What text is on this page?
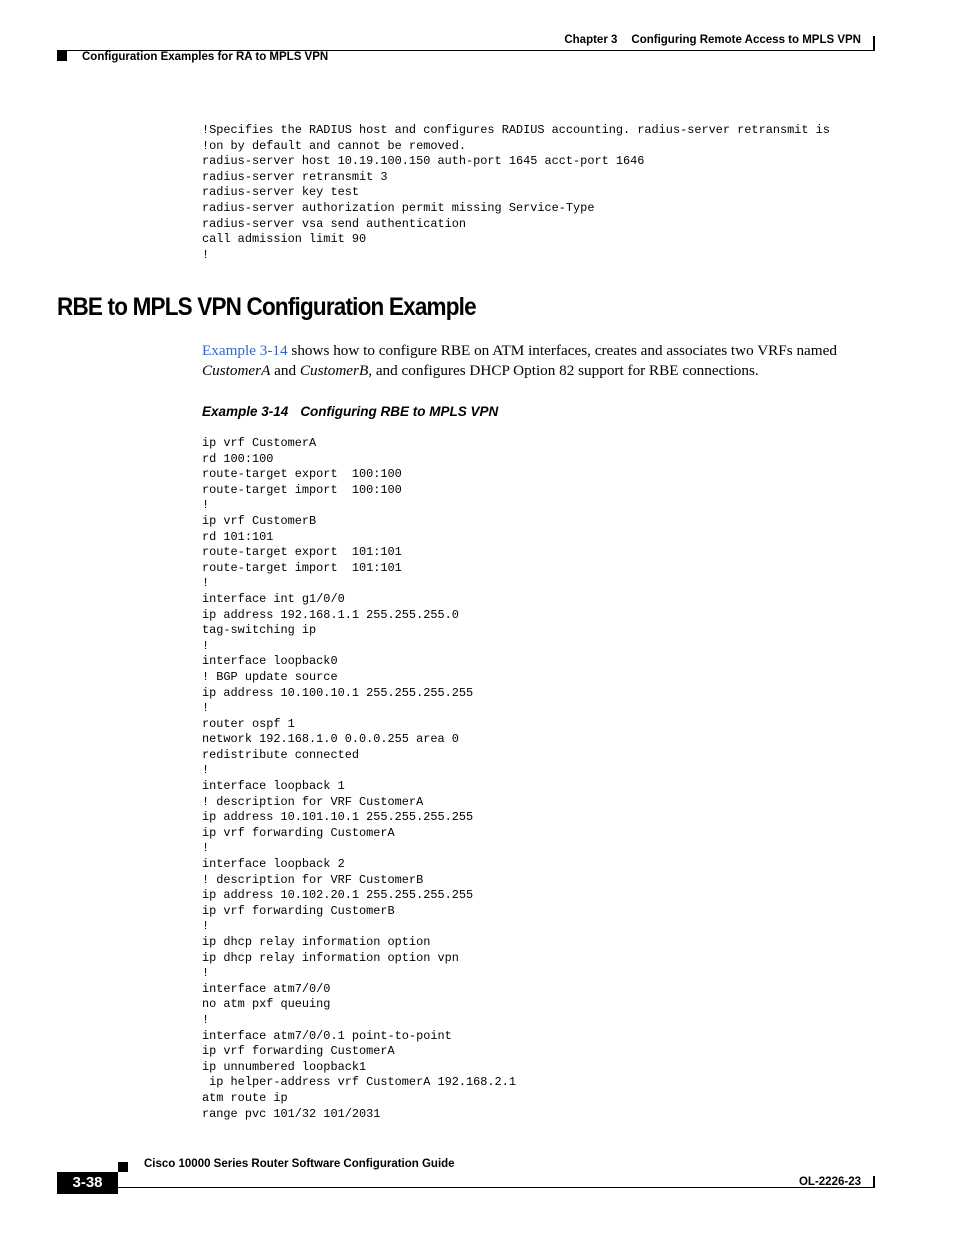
Chapter 3 Configuring Remote Access to MPLS VPN
Configuration Examples for RA to MPLS VPN
!Specifies the RADIUS host and configures RADIUS accounting. radius-server retransmit is
!on by default and cannot be removed.
radius-server host 10.19.100.150 auth-port 1645 acct-port 1646
radius-server retransmit 3
radius-server key test
radius-server authorization permit missing Service-Type
radius-server vsa send authentication
call admission limit 90
!
RBE to MPLS VPN Configuration Example

Example 3-14 shows how to configure RBE on ATM interfaces, creates and associates two VRFs named CustomerA and CustomerB, and configures DHCP Option 82 support for RBE connections.

Example 3-14 Configuring RBE to MPLS VPN
ip vrf CustomerA
rd 100:100
route-target export  100:100
route-target import  100:100
!
ip vrf CustomerB
rd 101:101
route-target export  101:101
route-target import  101:101
!
interface int g1/0/0
ip address 192.168.1.1 255.255.255.0
tag-switching ip
!
interface loopback0
! BGP update source
ip address 10.100.10.1 255.255.255.255
!
router ospf 1
network 192.168.1.0 0.0.0.255 area 0
redistribute connected
!
interface loopback 1
! description for VRF CustomerA
ip address 10.101.10.1 255.255.255.255
ip vrf forwarding CustomerA
!
interface loopback 2
! description for VRF CustomerB
ip address 10.102.20.1 255.255.255.255
ip vrf forwarding CustomerB
!
ip dhcp relay information option
ip dhcp relay information option vpn
!
interface atm7/0/0
no atm pxf queuing
!
interface atm7/0/0.1 point-to-point
ip vrf forwarding CustomerA
ip unnumbered loopback1
ip helper-address vrf CustomerA 192.168.2.1
atm route ip
range pvc 101/32 101/2031
Cisco 10000 Series Router Software Configuration Guide
3-38	OL-2226-23
